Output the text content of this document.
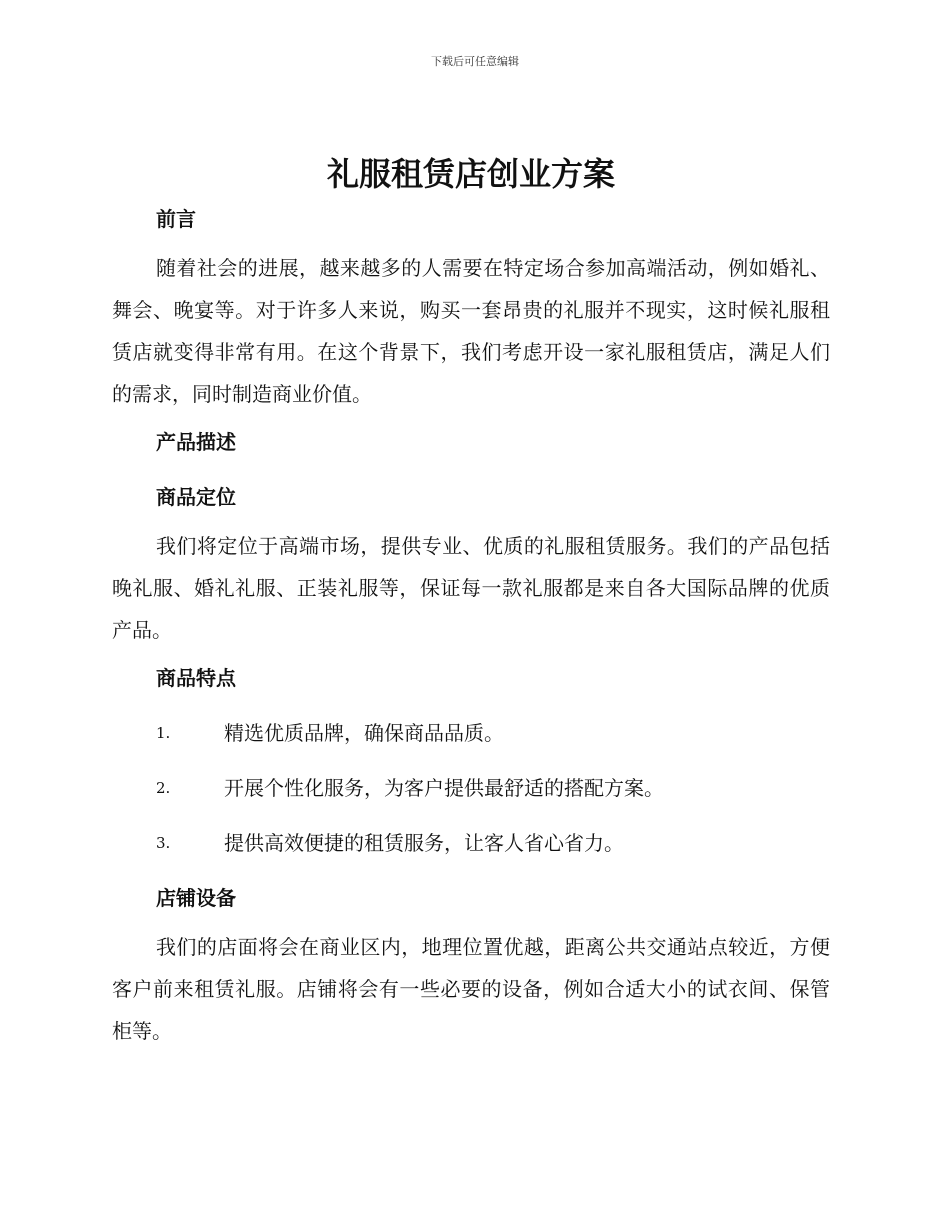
下载后可任意编辑
礼服租赁店创业方案
前言

随着社会的进展，越来越多的人需要在特定场合参加高端活动，例如婚礼、舞会、晚宴等。对于许多人来说，购买一套昂贵的礼服并不现实，这时候礼服租赁店就变得非常有用。在这个背景下，我们考虑开设一家礼服租赁店，满足人们的需求，同时制造商业价值。

产品描述
商品定位

我们将定位于高端市场，提供专业、优质的礼服租赁服务。我们的产品包括晚礼服、婚礼礼服、正装礼服等，保证每一款礼服都是来自各大国际品牌的优质产品。

商品特点
1.	精选优质品牌，确保商品品质。
2.	开展个性化服务，为客户提供最舒适的搭配方案。
3.	提供高效便捷的租赁服务，让客人省心省力。
店铺设备

我们的店面将会在商业区内，地理位置优越，距离公共交通站点较近，方便客户前来租赁礼服。店铺将会有一些必要的设备，例如合适大小的试衣间、保管柜等。
